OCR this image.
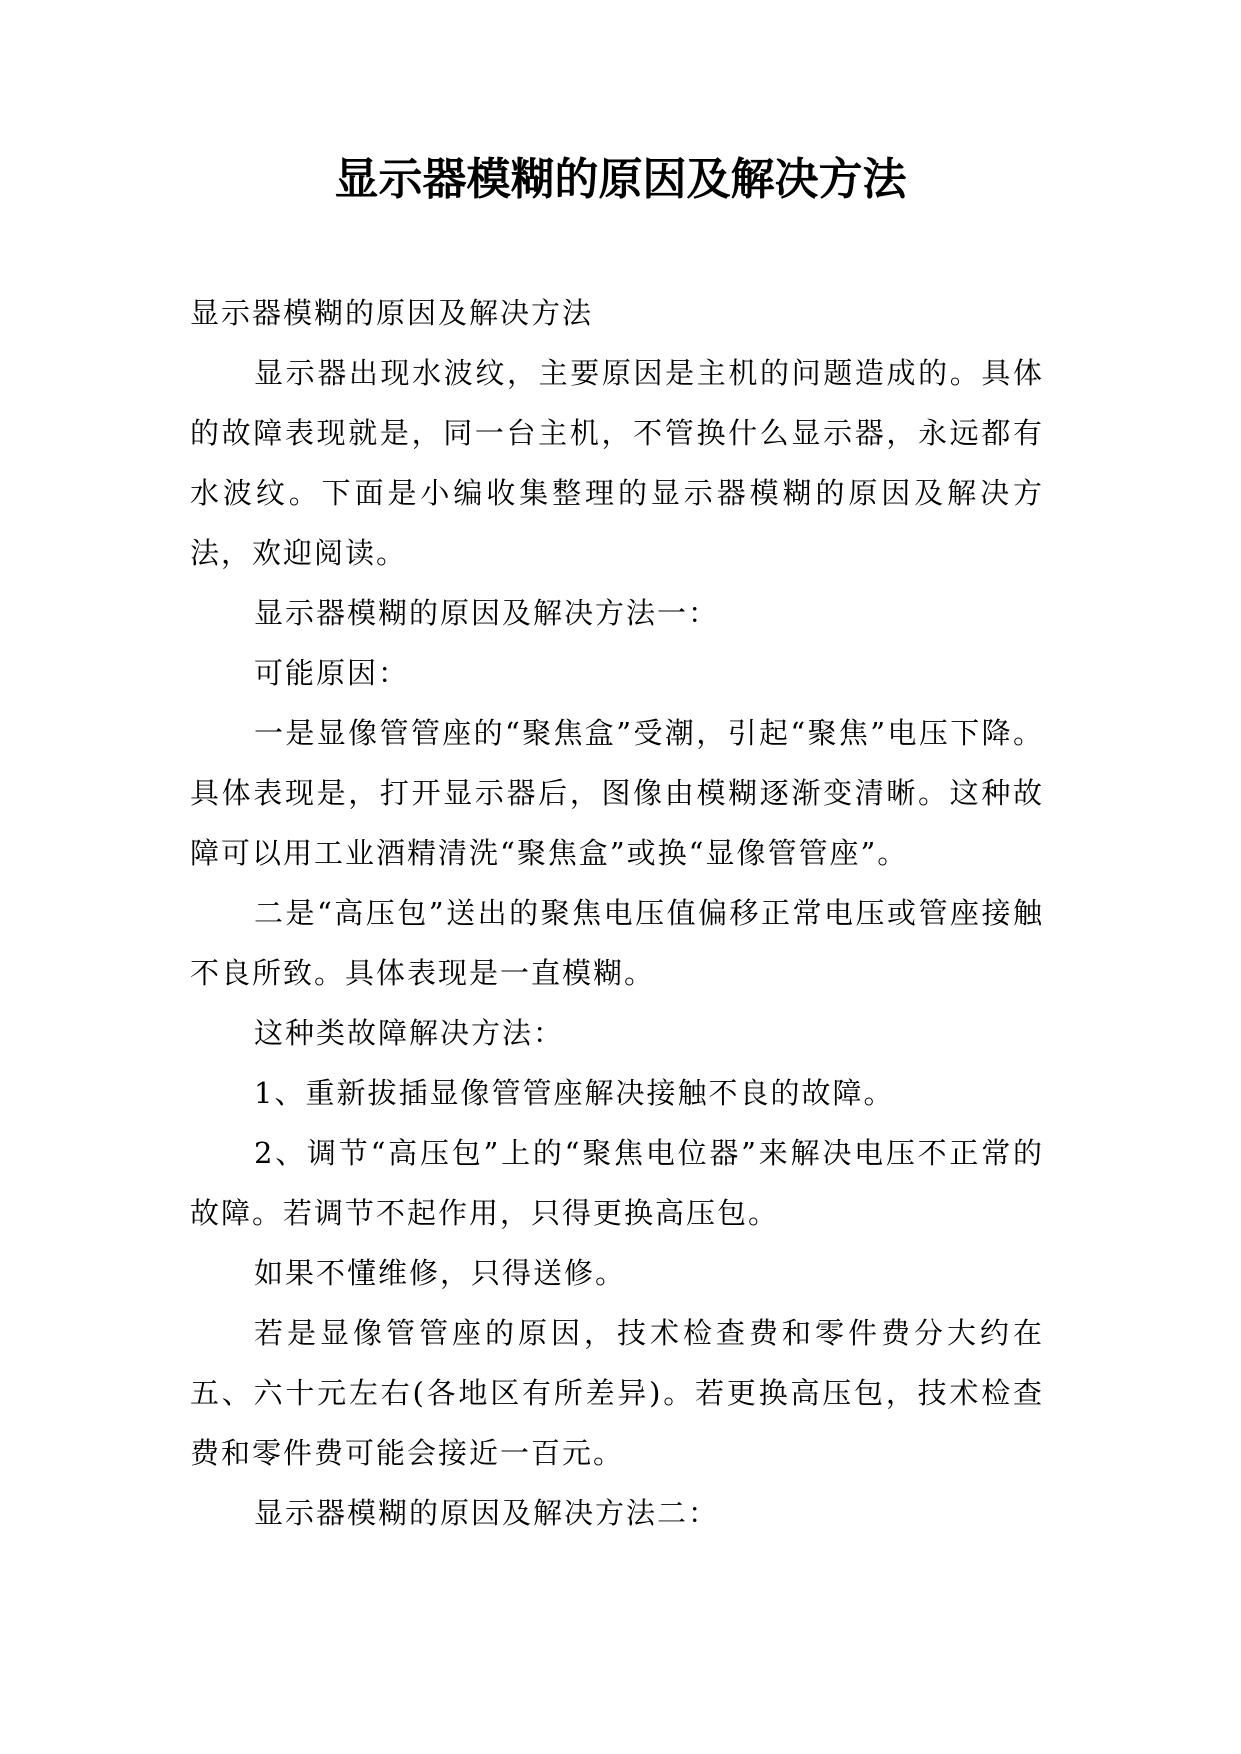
显示器模糊的原因及解决方法

显示器模糊的原因及解决方法

显示器出现水波纹，主要原因是主机的问题造成的。具体的故障表现就是，同一台主机，不管换什么显示器，永远都有水波纹。下面是小编收集整理的显示器模糊的原因及解决方法，欢迎阅读。

显示器模糊的原因及解决方法一：

可能原因：

一是显像管管座的“聚焦盒”受潮，引起“聚焦”电压下降。具体表现是，打开显示器后，图像由模糊逐渐变清晰。这种故障可以用工业酒精清洗“聚焦盒”或换“显像管管座”。

二是“高压包”送出的聚焦电压值偏移正常电压或管座接触不良所致。具体表现是一直模糊。

这种类故障解决方法：

1、重新拔插显像管管座解决接触不良的故障。

2、调节“高压包”上的“聚焦电位器”来解决电压不正常的故障。若调节不起作用，只得更换高压包。

如果不懂维修，只得送修。

若是显像管管座的原因，技术检查费和零件费分大约在五、六十元左右(各地区有所差异)。若更换高压包，技术检查费和零件费可能会接近一百元。

显示器模糊的原因及解决方法二：
